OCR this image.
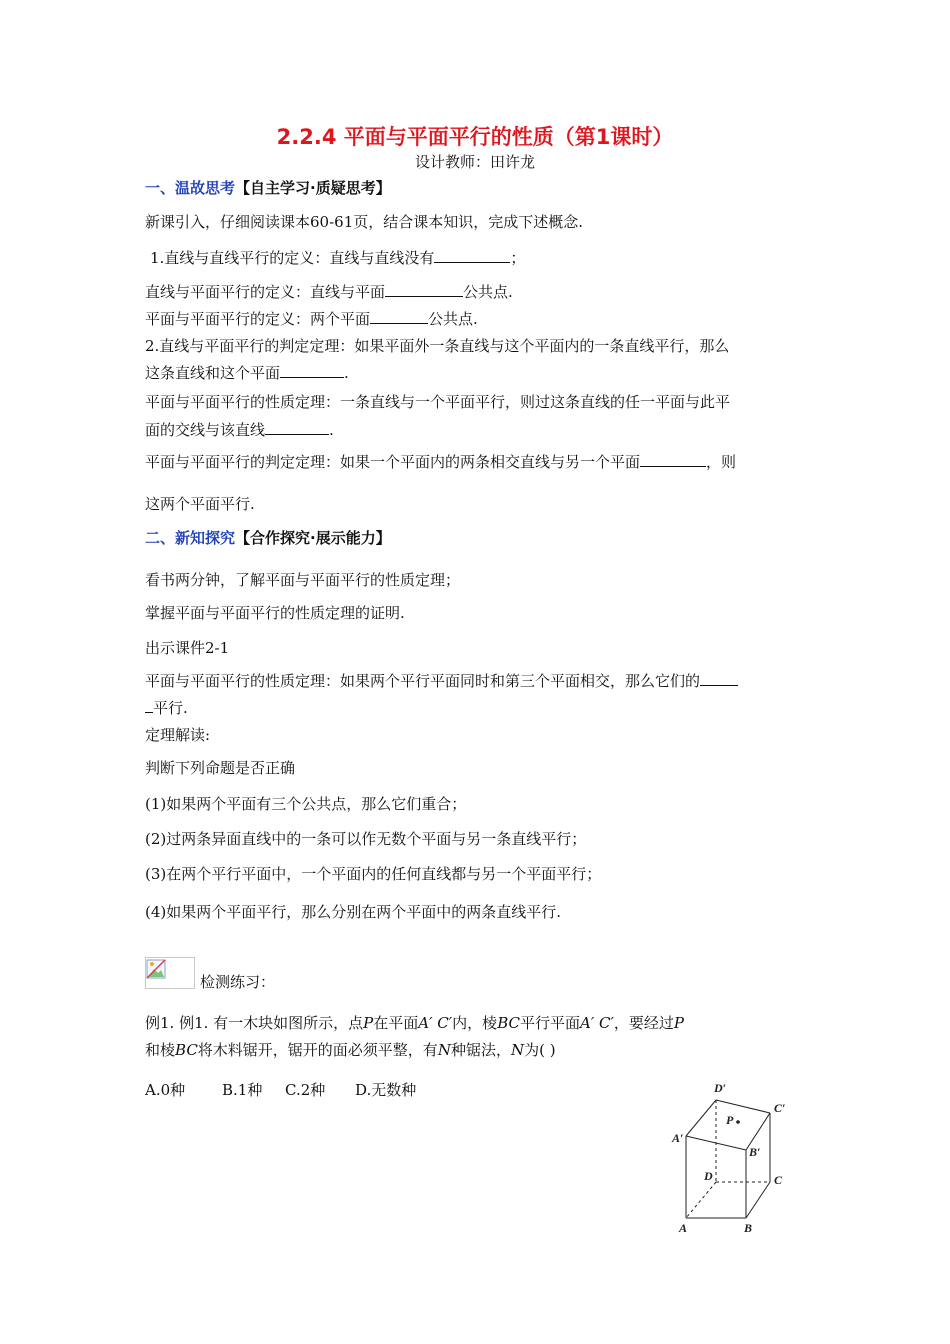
2.2.4 平面与平面平行的性质（第1课时）
设计教师：田许龙
一、温故思考【自主学习·质疑思考】
新课引入，仔细阅读课本60-61页，结合课本知识，完成下述概念.
1.直线与直线平行的定义：直线与直线没有	；
直线与平面平行的定义：直线与平面	公共点.
平面与平面平行的定义：两个平面	公共点.
2.直线与平面平行的判定定理：如果平面外一条直线与这个平面内的一条直线平行，那么
这条直线和这个平面	.
平面与平面平行的性质定理：一条直线与一个平面平行，则过这条直线的任一平面与此平
面的交线与该直线	.
平面与平面平行的判定定理：如果一个平面内的两条相交直线与另一个平面	，则
这两个平面平行.
二、新知探究【合作探究·展示能力】
看书两分钟，了解平面与平面平行的性质定理；
掌握平面与平面平行的性质定理的证明.
出示课件2-1
平面与平面平行的性质定理：如果两个平行平面同时和第三个平面相交，那么它们的
平行.
定理解读:
判断下列命题是否正确
(1)如果两个平面有三个公共点，那么它们重合；
(2)过两条异面直线中的一条可以作无数个平面与另一条直线平行；
(3)在两个平行平面中，一个平面内的任何直线都与另一个平面平行；
(4)如果两个平面平行，那么分别在两个平面中的两条直线平行.
检测练习：
例1. 例1. 有一木块如图所示，点P在平面A′ C′内，棱BC平行平面A′ C′，要经过P
和棱BC将木料锯开，锯开的面必须平整，有N种锯法，N为( )
A.0种 B.1种 C.2种 D.无数种	D′
C′
A′
B′
P
D	C
A	B
